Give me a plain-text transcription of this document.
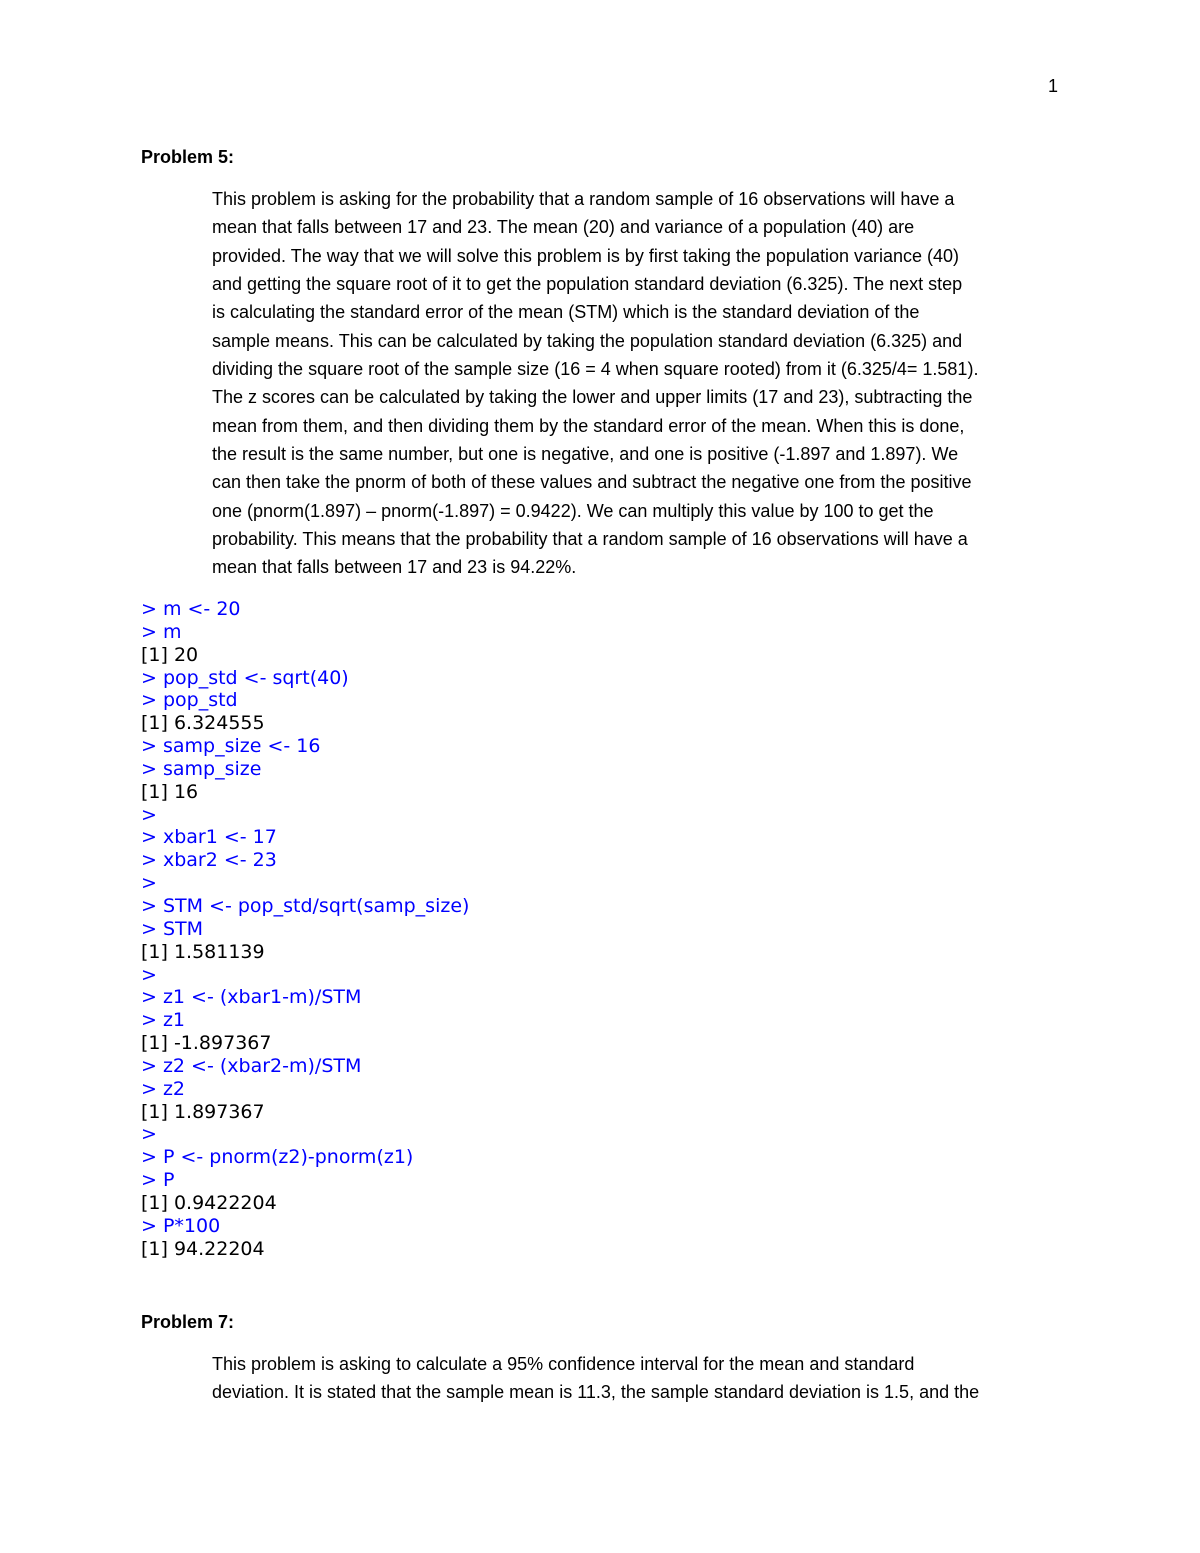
1
Problem 5:
This problem is asking for the probability that a random sample of 16 observations will have a
mean that falls between 17 and 23. The mean (20) and variance of a population (40) are
provided. The way that we will solve this problem is by first taking the population variance (40)
and getting the square root of it to get the population standard deviation (6.325). The next step
is calculating the standard error of the mean (STM) which is the standard deviation of the
sample means. This can be calculated by taking the population standard deviation (6.325) and
dividing the square root of the sample size (16 = 4 when square rooted) from it (6.325/4= 1.581).
The z scores can be calculated by taking the lower and upper limits (17 and 23), subtracting the
mean from them, and then dividing them by the standard error of the mean. When this is done,
the result is the same number, but one is negative, and one is positive (-1.897 and 1.897). We
can then take the pnorm of both of these values and subtract the negative one from the positive
one (pnorm(1.897) – pnorm(-1.897) = 0.9422). We can multiply this value by 100 to get the
probability. This means that the probability that a random sample of 16 observations will have a
mean that falls between 17 and 23 is 94.22%.
> m <- 20
> m
[1] 20
> pop_std <- sqrt(40)
> pop_std
[1] 6.324555
> samp_size <- 16
> samp_size
[1] 16
>
> xbar1 <- 17
> xbar2 <- 23
>
> STM <- pop_std/sqrt(samp_size)
> STM
[1] 1.581139
>
> z1 <- (xbar1-m)/STM
> z1
[1] -1.897367
> z2 <- (xbar2-m)/STM
> z2
[1] 1.897367
>
> P <- pnorm(z2)-pnorm(z1)
> P
[1] 0.9422204
> P*100
[1] 94.22204
Problem 7:
This problem is asking to calculate a 95% confidence interval for the mean and standard
deviation. It is stated that the sample mean is 11.3, the sample standard deviation is 1.5, and the
